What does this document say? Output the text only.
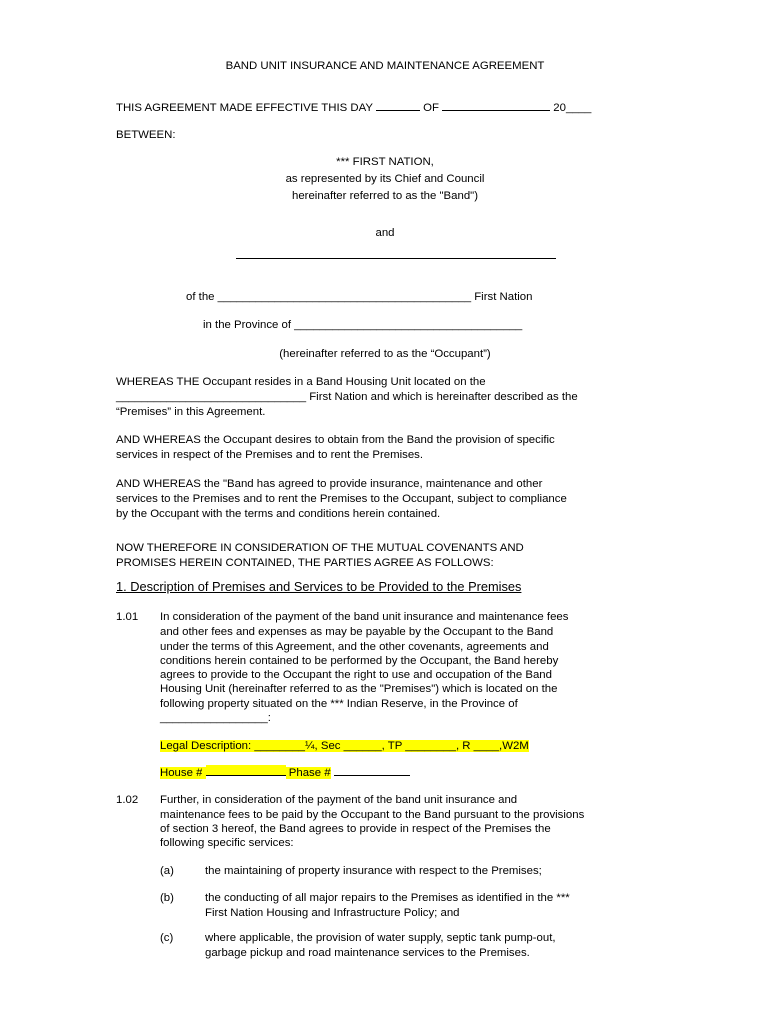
BAND UNIT INSURANCE AND MAINTENANCE AGREEMENT
THIS AGREEMENT MADE EFFECTIVE THIS DAY	OF	20____
BETWEEN:
*** FIRST NATION,
as represented by its Chief and Council
hereinafter referred to as the "Band")
and
of the ________________________________________ First Nation
in the Province of ____________________________________
(hereinafter referred to as the “Occupant”)
WHEREAS THE Occupant resides in a Band Housing Unit located on the
______________________________ First Nation and which is hereinafter described as the
“Premises” in this Agreement.
AND WHEREAS the Occupant desires to obtain from the Band the provision of specific
services in respect of the Premises and to rent the Premises.
AND WHEREAS the "Band has agreed to provide insurance, maintenance and other
services to the Premises and to rent the Premises to the Occupant, subject to compliance
by the Occupant with the terms and conditions herein contained.
NOW THEREFORE IN CONSIDERATION OF THE MUTUAL COVENANTS AND
PROMISES HEREIN CONTAINED, THE PARTIES AGREE AS FOLLOWS:
1. Description of Premises and Services to be Provided to the Premises
1.01 In consideration of the payment of the band unit insurance and maintenance fees
and other fees and expenses as may be payable by the Occupant to the Band
under the terms of this Agreement, and the other covenants, agreements and
conditions herein contained to be performed by the Occupant, the Band hereby
agrees to provide to the Occupant the right to use and occupation of the Band
Housing Unit (hereinafter referred to as the "Premises") which is located on the
following property situated on the *** Indian Reserve, in the Province of
_________________:
Legal Description: ________¼, Sec ______, TP ________, R ____,W2M
House #	Phase #
1.02 Further, in consideration of the payment of the band unit insurance and
maintenance fees to be paid by the Occupant to the Band pursuant to the provisions
of section 3 hereof, the Band agrees to provide in respect of the Premises the
following specific services:
(a)	the maintaining of property insurance with respect to the Premises;
(b)	the conducting of all major repairs to the Premises as identified in the ***
First Nation Housing and Infrastructure Policy; and
(c)	where applicable, the provision of water supply, septic tank pump-out,
garbage pickup and road maintenance services to the Premises.
